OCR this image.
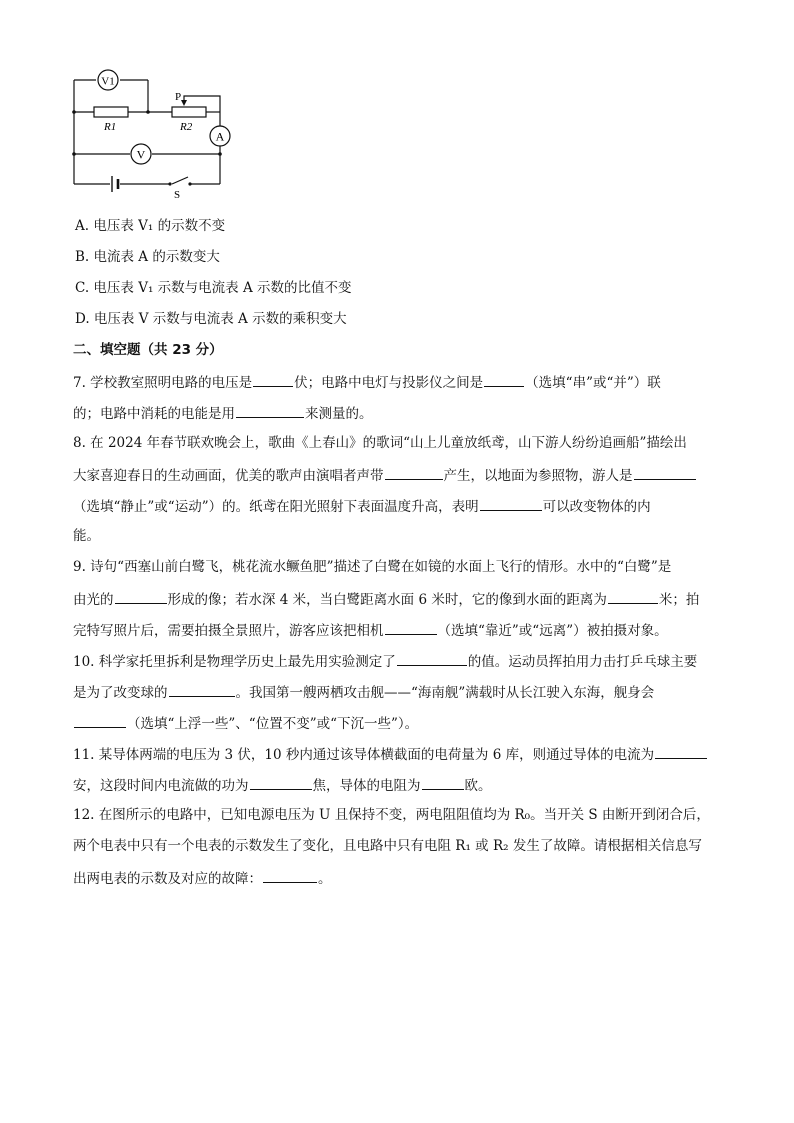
V1
A
V
P
R1	R2
S
A. 电压表 V₁ 的示数不变
B. 电流表 A 的示数变大
C. 电压表 V₁ 示数与电流表 A 示数的比值不变
D. 电压表 V 示数与电流表 A 示数的乘积变大
二、填空题（共 23 分）
7. 学校教室照明电路的电压是	伏；电路中电灯与投影仪之间是	（选填“串”或“并”）联
的；电路中消耗的电能是用	来测量的。
8. 在 2024 年春节联欢晚会上，歌曲《上春山》的歌词“山上儿童放纸鸢，山下游人纷纷追画船”描绘出
大家喜迎春日的生动画面，优美的歌声由演唱者声带	产生，以地面为参照物，游人是
（选填“静止”或“运动”）的。纸鸢在阳光照射下表面温度升高，表明	可以改变物体的内
能。
9. 诗句“西塞山前白鹭飞，桃花流水鳜鱼肥”描述了白鹭在如镜的水面上飞行的情形。水中的“白鹭”是
由光的	形成的像；若水深 4 米，当白鹭距离水面 6 米时，它的像到水面的距离为	米；拍
完特写照片后，需要拍摄全景照片，游客应该把相机	（选填“靠近”或“远离”）被拍摄对象。
10. 科学家托里拆利是物理学历史上最先用实验测定了	的值。运动员挥拍用力击打乒乓球主要
是为了改变球的	。我国第一艘两栖攻击舰——“海南舰”满载时从长江驶入东海，舰身会
（选填“上浮一些”、“位置不变”或“下沉一些”）。
11. 某导体两端的电压为 3 伏，10 秒内通过该导体横截面的电荷量为 6 库，则通过导体的电流为
安，这段时间内电流做的功为	焦，导体的电阻为	欧。
12. 在图所示的电路中，已知电源电压为 U 且保持不变，两电阻阻值均为 R₀。当开关 S 由断开到闭合后，
两个电表中只有一个电表的示数发生了变化，且电路中只有电阻 R₁ 或 R₂ 发生了故障。请根据相关信息写
出两电表的示数及对应的故障：	。
